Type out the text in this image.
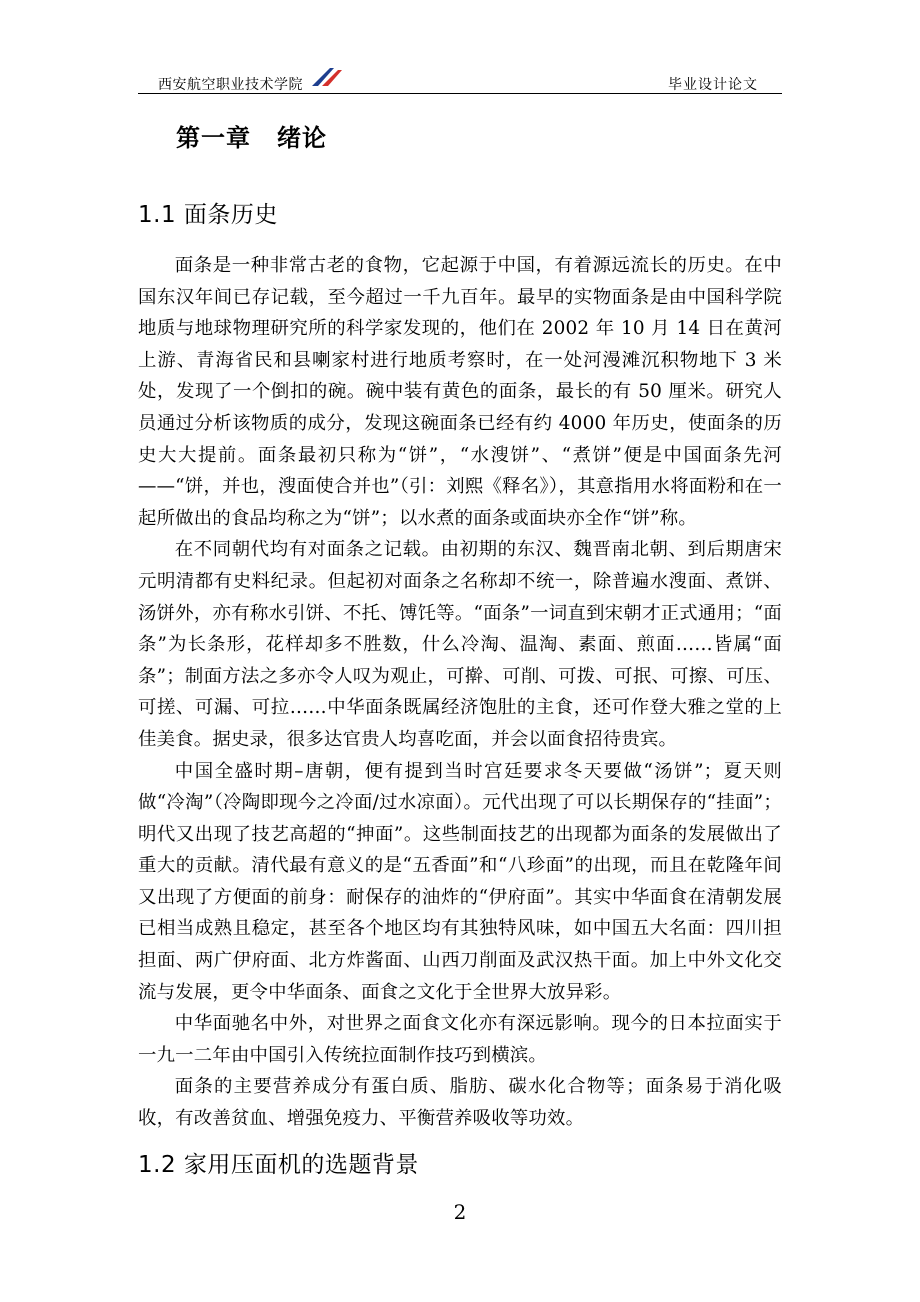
西安航空职业技术学院	毕业设计论文
第一章 绪论
1.1 面条历史

面条是一种非常古老的食物，它起源于中国，有着源远流长的历史。在中国东汉年间已存记载，至今超过一千九百年。最早的实物面条是由中国科学院地质与地球物理研究所的科学家发现的，他们在 2002 年 10 月 14 日在黄河上游、青海省民和县喇家村进行地质考察时，在一处河漫滩沉积物地下 3 米处，发现了一个倒扣的碗。碗中装有黄色的面条，最长的有 50 厘米。研究人员通过分析该物质的成分，发现这碗面条已经有约 4000 年历史，使面条的历史大大提前。面条最初只称为“饼”，“水溲饼”、“煮饼”便是中国面条先河——“饼，并也，溲面使合并也”（引：刘熙《释名》），其意指用水将面粉和在一起所做出的食品均称之为“饼”；以水煮的面条或面块亦全作“饼”称。

在不同朝代均有对面条之记载。由初期的东汉、魏晋南北朝、到后期唐宋元明清都有史料纪录。但起初对面条之名称却不统一，除普遍水溲面、煮饼、汤饼外，亦有称水引饼、不托、馎饦等。“面条”一词直到宋朝才正式通用；“面条”为长条形，花样却多不胜数，什么冷淘、温淘、素面、煎面……皆属“面条”；制面方法之多亦令人叹为观止，可擀、可削、可拨、可抿、可擦、可压、可搓、可漏、可拉……中华面条既属经济饱肚的主食，还可作登大雅之堂的上佳美食。据史录，很多达官贵人均喜吃面，并会以面食招待贵宾。

中国全盛时期–唐朝，便有提到当时宫廷要求冬天要做“汤饼”；夏天则做“冷淘”（冷陶即现今之冷面/过水凉面）。元代出现了可以长期保存的“挂面”；明代又出现了技艺高超的“抻面”。这些制面技艺的出现都为面条的发展做出了重大的贡献。清代最有意义的是“五香面”和“八珍面”的出现，而且在乾隆年间又出现了方便面的前身：耐保存的油炸的“伊府面”。其实中华面食在清朝发展已相当成熟且稳定，甚至各个地区均有其独特风味，如中国五大名面：四川担担面、两广伊府面、北方炸酱面、山西刀削面及武汉热干面。加上中外文化交流与发展，更令中华面条、面食之文化于全世界大放异彩。

中华面驰名中外，对世界之面食文化亦有深远影响。现今的日本拉面实于一九一二年由中国引入传统拉面制作技巧到横滨。

面条的主要营养成分有蛋白质、脂肪、碳水化合物等；面条易于消化吸收，有改善贫血、增强免疫力、平衡营养吸收等功效。

1.2 家用压面机的选题背景
2
